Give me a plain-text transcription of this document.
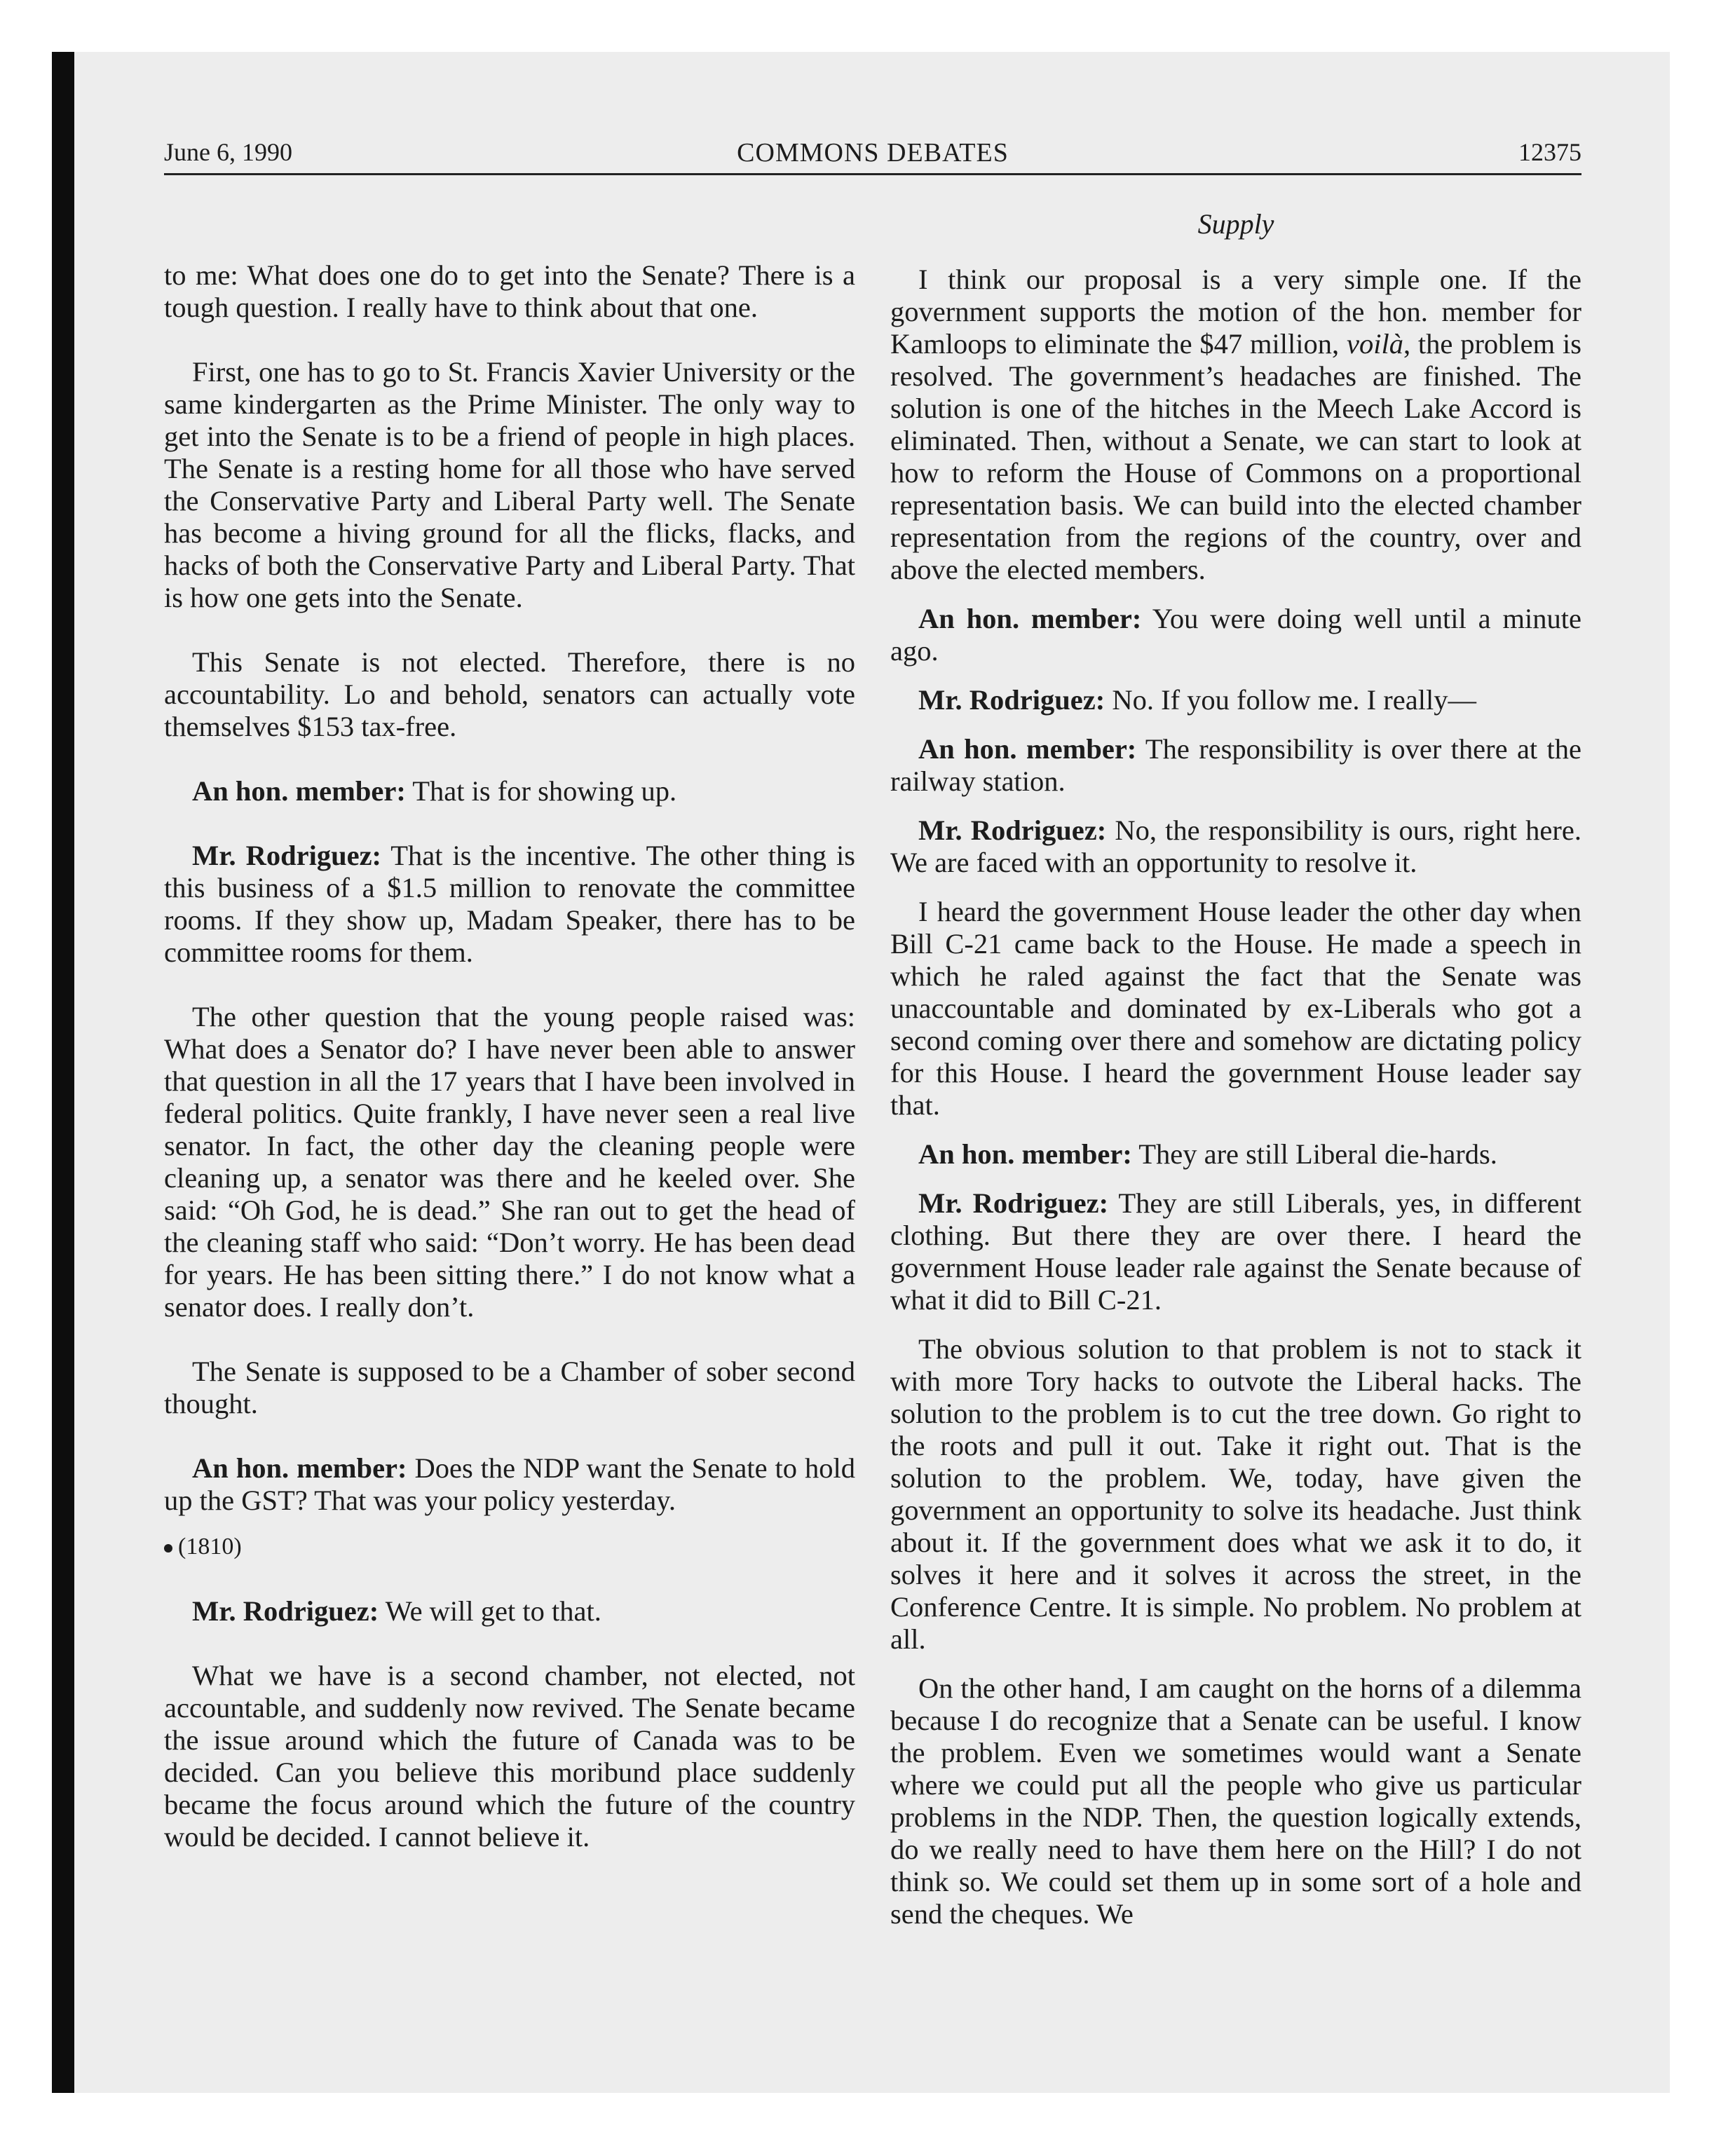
June 6, 1990	COMMONS DEBATES	12375
Supply

to me: What does one do to get into the Senate? There is a tough question. I really have to think about that one.

First, one has to go to St. Francis Xavier University or the same kindergarten as the Prime Minister. The only way to get into the Senate is to be a friend of people in high places. The Senate is a resting home for all those who have served the Conservative Party and Liberal Party well. The Senate has become a hiving ground for all the flicks, flacks, and hacks of both the Conservative Party and Liberal Party. That is how one gets into the Senate.

This Senate is not elected. Therefore, there is no accountability. Lo and behold, senators can actually vote themselves $153 tax-free.

An hon. member: That is for showing up.

Mr. Rodriguez: That is the incentive. The other thing is this business of a $1.5 million to renovate the committee rooms. If they show up, Madam Speaker, there has to be committee rooms for them.

The other question that the young people raised was: What does a Senator do? I have never been able to answer that question in all the 17 years that I have been involved in federal politics. Quite frankly, I have never seen a real live senator. In fact, the other day the cleaning people were cleaning up, a senator was there and he keeled over. She said: “Oh God, he is dead.” She ran out to get the head of the cleaning staff who said: “Don’t worry. He has been dead for years. He has been sitting there.” I do not know what a senator does. I really don’t.

The Senate is supposed to be a Chamber of sober second thought.

An hon. member: Does the NDP want the Senate to hold up the GST? That was your policy yesterday.

(1810)

Mr. Rodriguez: We will get to that.

What we have is a second chamber, not elected, not accountable, and suddenly now revived. The Senate became the issue around which the future of Canada was to be decided. Can you believe this moribund place suddenly became the focus around which the future of the country would be decided. I cannot believe it.

I think our proposal is a very simple one. If the government supports the motion of the hon. member for Kamloops to eliminate the $47 million, voilà, the problem is resolved. The government’s headaches are finished. The solution is one of the hitches in the Meech Lake Accord is eliminated. Then, without a Senate, we can start to look at how to reform the House of Commons on a proportional representation basis. We can build into the elected chamber representation from the regions of the country, over and above the elected members.

An hon. member: You were doing well until a minute ago.

Mr. Rodriguez: No. If you follow me. I really—

An hon. member: The responsibility is over there at the railway station.

Mr. Rodriguez: No, the responsibility is ours, right here. We are faced with an opportunity to resolve it.

I heard the government House leader the other day when Bill C-21 came back to the House. He made a speech in which he raled against the fact that the Senate was unaccountable and dominated by ex-Liberals who got a second coming over there and somehow are dictating policy for this House. I heard the government House leader say that.

An hon. member: They are still Liberal die-hards.

Mr. Rodriguez: They are still Liberals, yes, in different clothing. But there they are over there. I heard the government House leader rale against the Senate because of what it did to Bill C-21.

The obvious solution to that problem is not to stack it with more Tory hacks to outvote the Liberal hacks. The solution to the problem is to cut the tree down. Go right to the roots and pull it out. Take it right out. That is the solution to the problem. We, today, have given the government an opportunity to solve its headache. Just think about it. If the government does what we ask it to do, it solves it here and it solves it across the street, in the Conference Centre. It is simple. No problem. No problem at all.

On the other hand, I am caught on the horns of a dilemma because I do recognize that a Senate can be useful. I know the problem. Even we sometimes would want a Senate where we could put all the people who give us particular problems in the NDP. Then, the question logically extends, do we really need to have them here on the Hill? I do not think so. We could set them up in some sort of a hole and send the cheques. We
